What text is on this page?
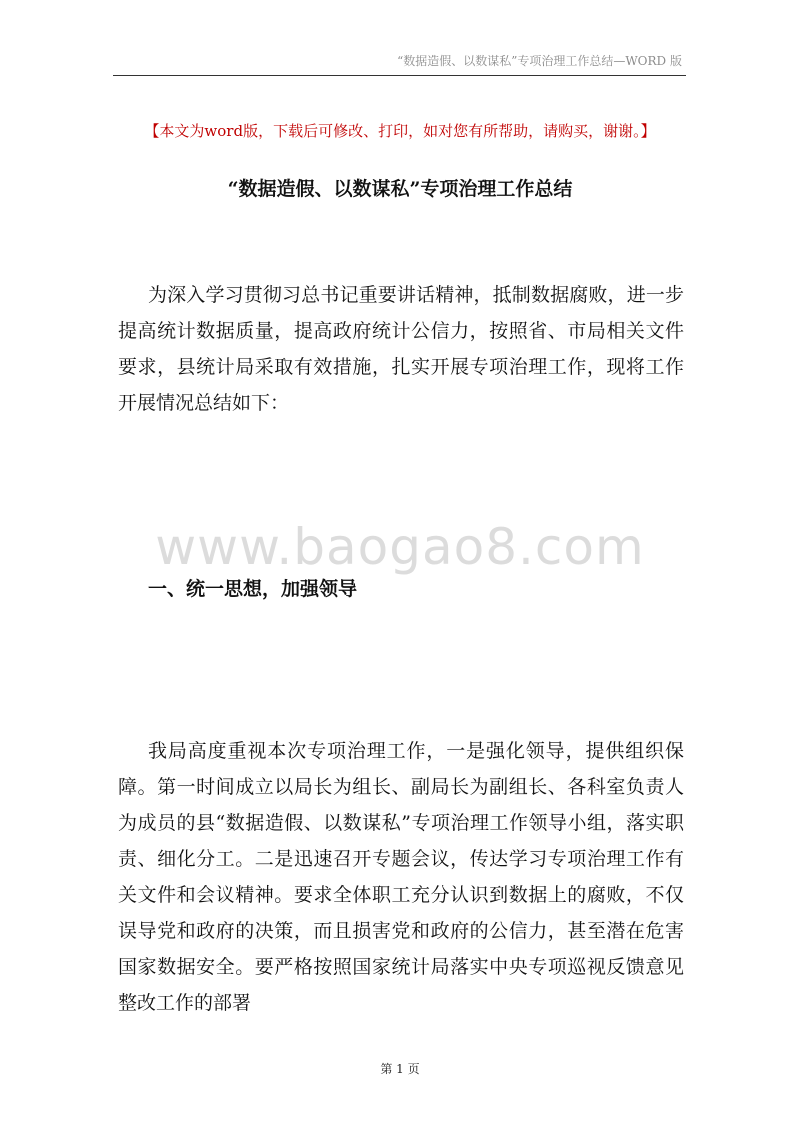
“数据造假、以数谋私”专项治理工作总结—WORD 版
【本文为word版，下载后可修改、打印，如对您有所帮助，请购买，谢谢。】
“数据造假、以数谋私”专项治理工作总结

为深入学习贯彻习总书记重要讲话精神，抵制数据腐败，进一步提高统计数据质量，提高政府统计公信力，按照省、市局相关文件要求，县统计局采取有效措施，扎实开展专项治理工作，现将工作开展情况总结如下：

www.baogao8.com
一、统一思想，加强领导

我局高度重视本次专项治理工作，一是强化领导，提供组织保障。第一时间成立以局长为组长、副局长为副组长、各科室负责人为成员的县“数据造假、以数谋私”专项治理工作领导小组，落实职责、细化分工。二是迅速召开专题会议，传达学习专项治理工作有关文件和会议精神。要求全体职工充分认识到数据上的腐败，不仅误导党和政府的决策，而且损害党和政府的公信力，甚至潜在危害国家数据安全。要严格按照国家统计局落实中央专项巡视反馈意见整改工作的部署

第 1 页
